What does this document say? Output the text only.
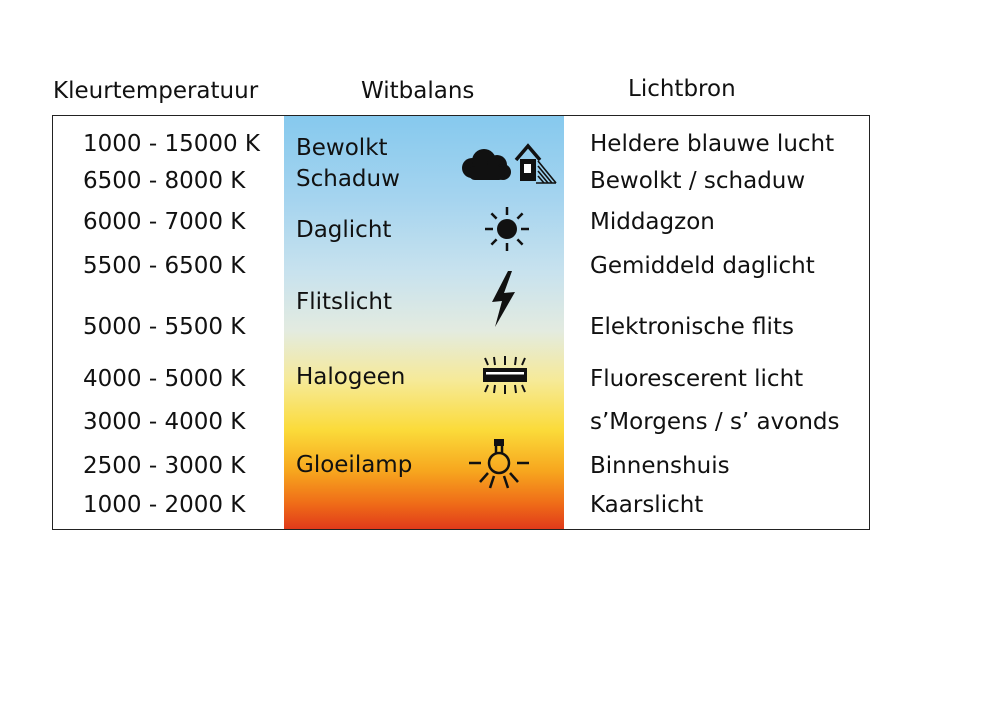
Kleurtemperatuur	Witbalans	Lichtbron
1000 - 15000 K
6500 - 8000 K
6000 - 7000 K
5500 - 6500 K
5000 - 5500 K
4000 - 5000 K
3000 - 4000 K
2500 - 3000 K
1000 - 2000 K
Heldere blauwe lucht
Bewolkt / schaduw
Middagzon
Gemiddeld daglicht
Elektronische flits
Fluorescerent licht
s’Morgens / s’ avonds
Binnenshuis
Kaarslicht
Bewolkt
Schaduw
Daglicht
Flitslicht
Halogeen
Gloeilamp
